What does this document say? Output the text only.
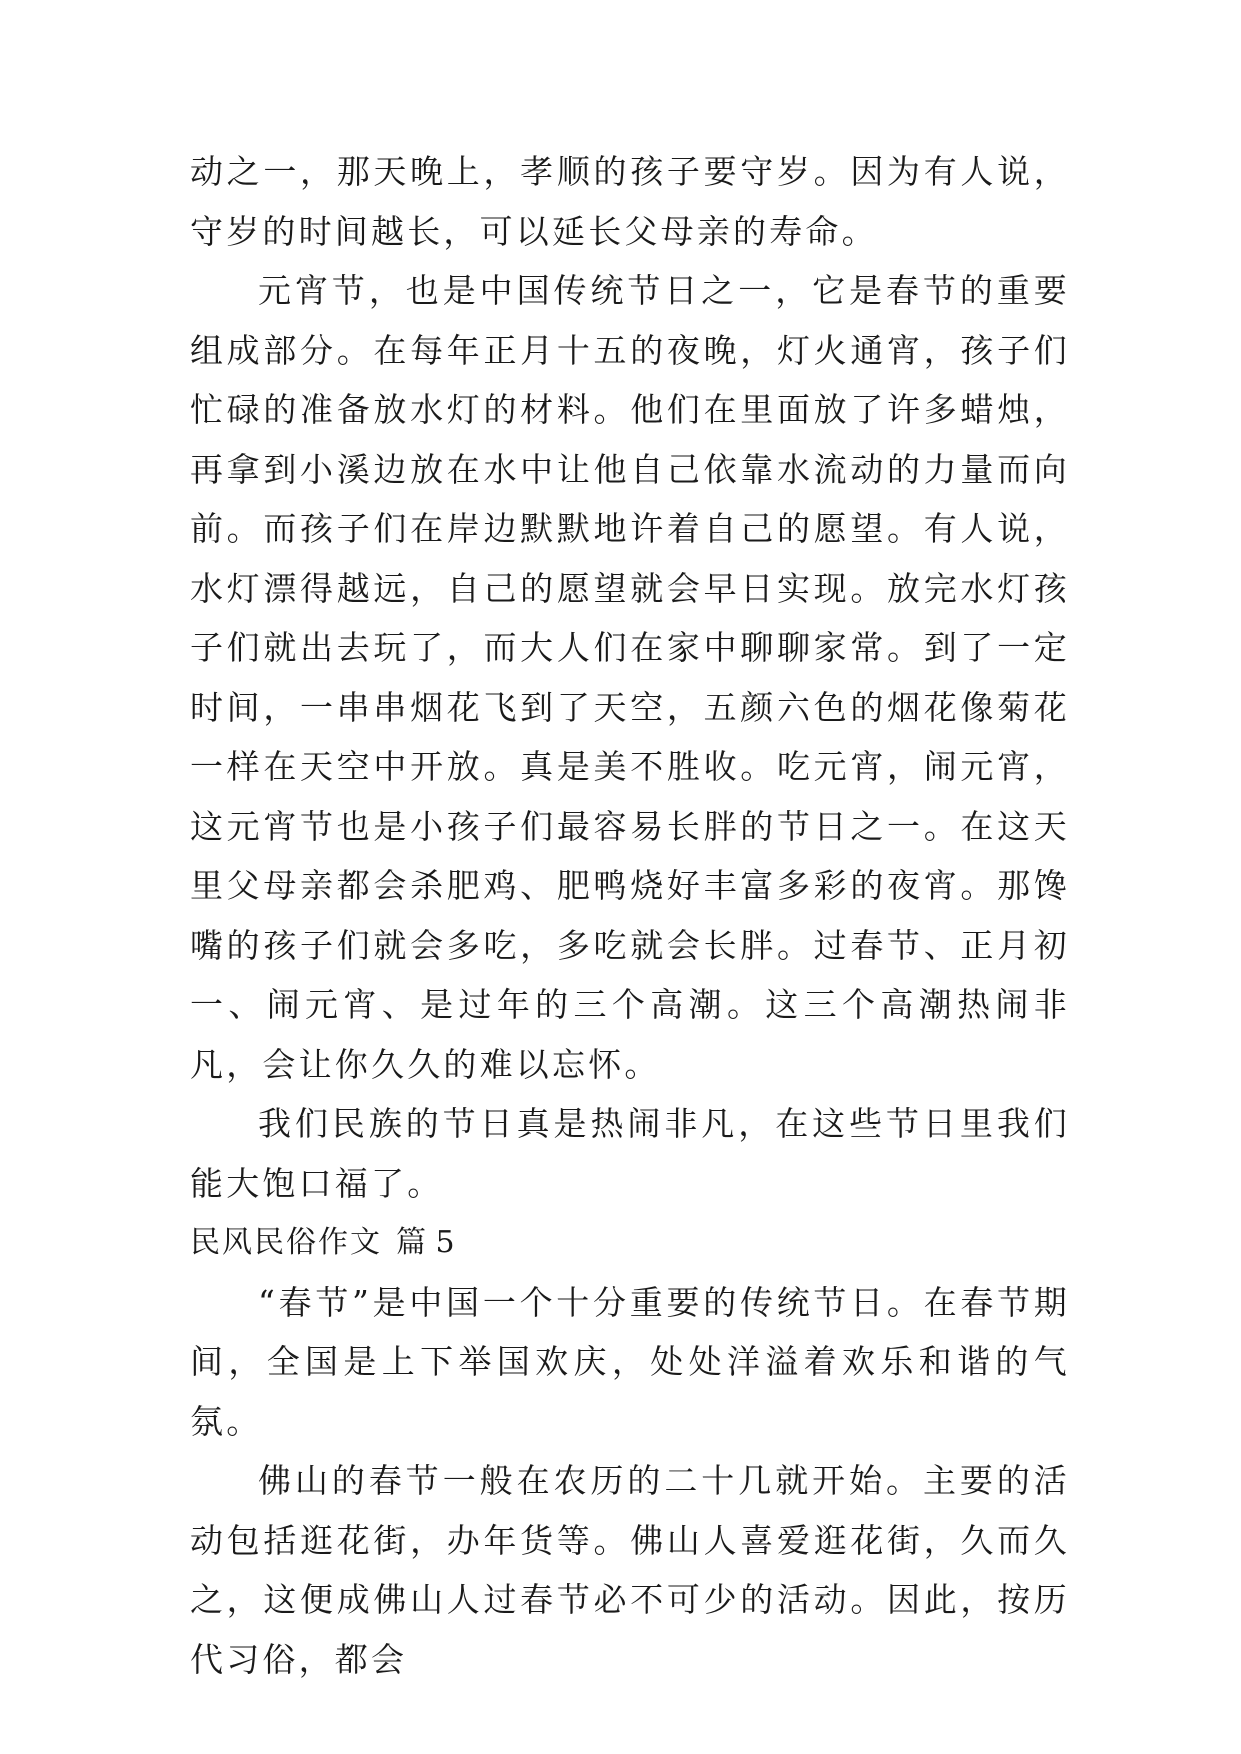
动之一，那天晚上，孝顺的孩子要守岁。因为有人说，守岁的时间越长，可以延长父母亲的寿命。

元宵节，也是中国传统节日之一，它是春节的重要组成部分。在每年正月十五的夜晚，灯火通宵，孩子们忙碌的准备放水灯的材料。他们在里面放了许多蜡烛，再拿到小溪边放在水中让他自己依靠水流动的力量而向前。而孩子们在岸边默默地许着自己的愿望。有人说，水灯漂得越远，自己的愿望就会早日实现。放完水灯孩子们就出去玩了，而大人们在家中聊聊家常。到了一定时间，一串串烟花飞到了天空，五颜六色的烟花像菊花一样在天空中开放。真是美不胜收。吃元宵，闹元宵，这元宵节也是小孩子们最容易长胖的节日之一。在这天里父母亲都会杀肥鸡、肥鸭烧好丰富多彩的夜宵。那馋嘴的孩子们就会多吃，多吃就会长胖。过春节、正月初一、闹元宵、是过年的三个高潮。这三个高潮热闹非凡，会让你久久的难以忘怀。

我们民族的节日真是热闹非凡，在这些节日里我们能大饱口福了。

民风民俗作文 篇 5

“春节”是中国一个十分重要的传统节日。在春节期间，全国是上下举国欢庆，处处洋溢着欢乐和谐的气氛。

佛山的春节一般在农历的二十几就开始。主要的活动包括逛花街，办年货等。佛山人喜爱逛花街，久而久之，这便成佛山人过春节必不可少的活动。因此，按历代习俗，都会
